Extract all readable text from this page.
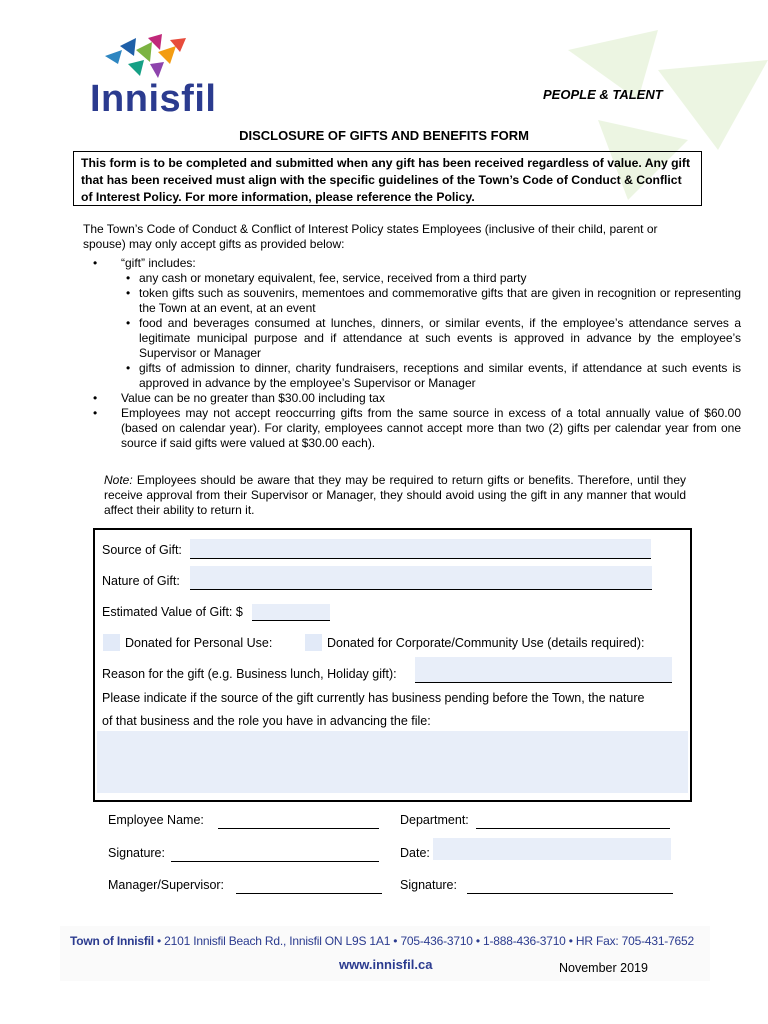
Innisfil	PEOPLE & TALENT
DISCLOSURE OF GIFTS AND BENEFITS FORM
This form is to be completed and submitted when any gift has been received regardless of value. Any gift that has been received must align with the specific guidelines of the Town’s Code of Conduct & Conflict of Interest Policy. For more information, please reference the Policy.
The Town’s Code of Conduct & Conflict of Interest Policy states Employees (inclusive of their child, parent or spouse) may only accept gifts as provided below:
• “gift” includes:
• any cash or monetary equivalent, fee, service, received from a third party
• token gifts such as souvenirs, mementoes and commemorative gifts that are given in recognition or representing the Town at an event, at an event
• food and beverages consumed at lunches, dinners, or similar events, if the employee’s attendance serves a legitimate municipal purpose and if attendance at such events is approved in advance by the employee’s Supervisor or Manager
• gifts of admission to dinner, charity fundraisers, receptions and similar events, if attendance at such events is approved in advance by the employee’s Supervisor or Manager
• Value can be no greater than $30.00 including tax
• Employees may not accept reoccurring gifts from the same source in excess of a total annually value of $60.00 (based on calendar year). For clarity, employees cannot accept more than two (2) gifts per calendar year from one source if said gifts were valued at $30.00 each).
Note: Employees should be aware that they may be required to return gifts or benefits. Therefore, until they receive approval from their Supervisor or Manager, they should avoid using the gift in any manner that would affect their ability to return it.
Source of Gift:
Nature of Gift:
Estimated Value of Gift: $
Donated for Personal Use:	Donated for Corporate/Community Use (details required):
Reason for the gift (e.g. Business lunch, Holiday gift):
Please indicate if the source of the gift currently has business pending before the Town, the nature
of that business and the role you have in advancing the file:
Employee Name:	Department:
Signature:	Date:
Manager/Supervisor:	Signature:
Town of Innisfil • 2101 Innisfil Beach Rd., Innisfil ON L9S 1A1 • 705-436-3710 • 1-888-436-3710 • HR Fax: 705-431-7652
www.innisfil.ca	November 2019
